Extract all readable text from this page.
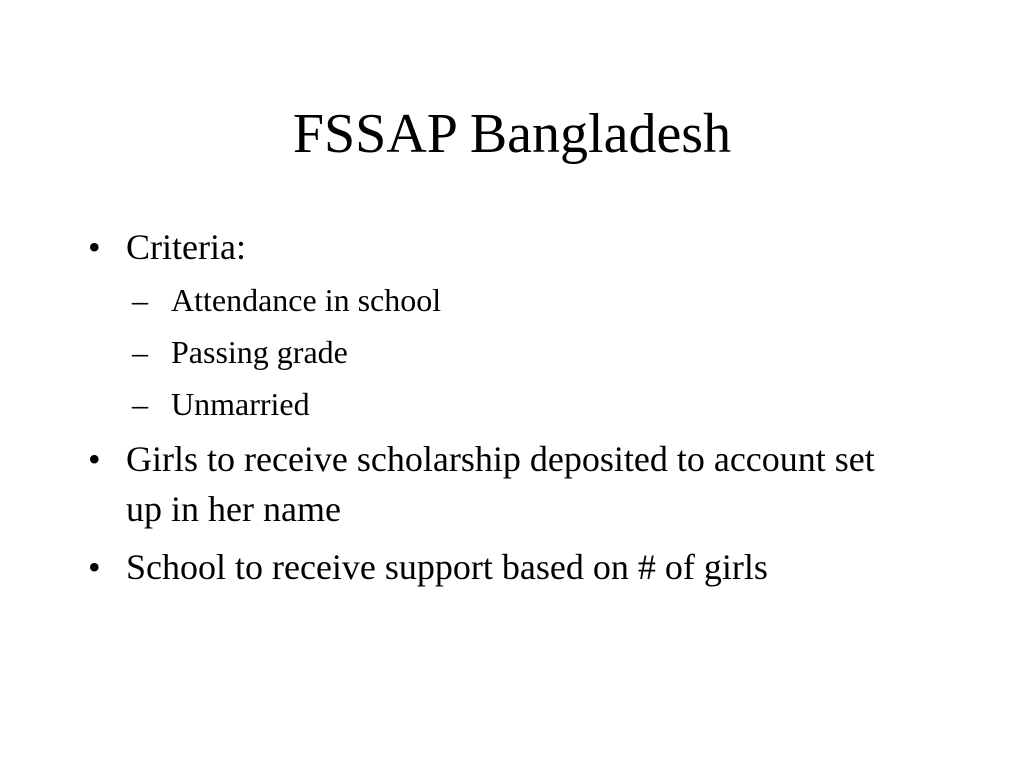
FSSAP Bangladesh
• Criteria:
– Attendance in school
– Passing grade
– Unmarried
• Girls to receive scholarship deposited to account set up in her name
• School to receive support based on # of girls
